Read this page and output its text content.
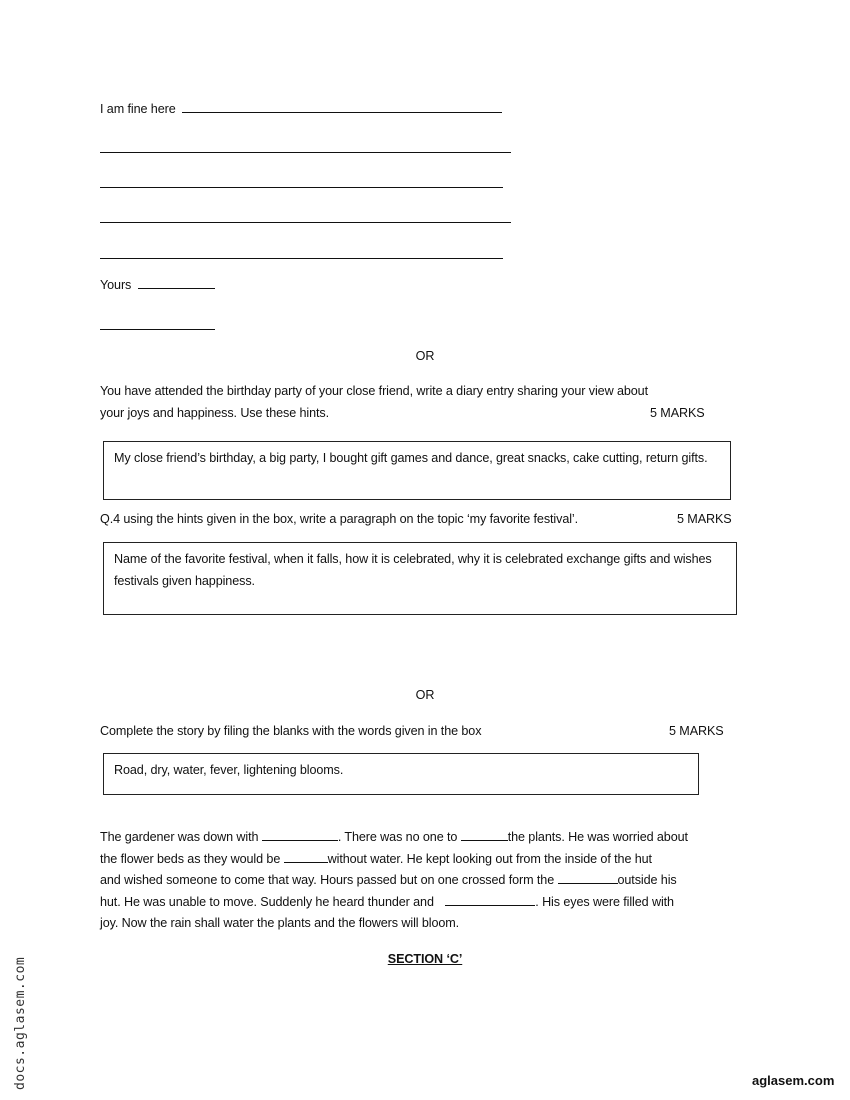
I am fine here
Yours
OR
You have attended the birthday party of your close friend, write a diary entry sharing your view about
your joys and happiness. Use these hints.	5 MARKS
My close friend’s birthday, a big party, I bought gift games and dance, great snacks, cake cutting, return gifts.
Q.4 using the hints given in the box, write a paragraph on the topic ‘my favorite festival’.	5 MARKS
Name of the favorite festival, when it falls, how it is celebrated, why it is celebrated exchange gifts and wishes festivals given happiness.
OR
Complete the story by filing the blanks with the words given in the box	5 MARKS
Road, dry, water, fever, lightening blooms.
The gardener was down with	. There was no one to	the plants. He was worried about
the flower beds as they would be	without water. He kept looking out from the inside of the hut
and wished someone to come that way. Hours passed but on one crossed form the	outside his
hut. He was unable to move. Suddenly he heard thunder and	. His eyes were filled with
joy. Now the rain shall water the plants and the flowers will bloom.
SECTION ‘C’
docs.aglasem.com	aglasem.com
